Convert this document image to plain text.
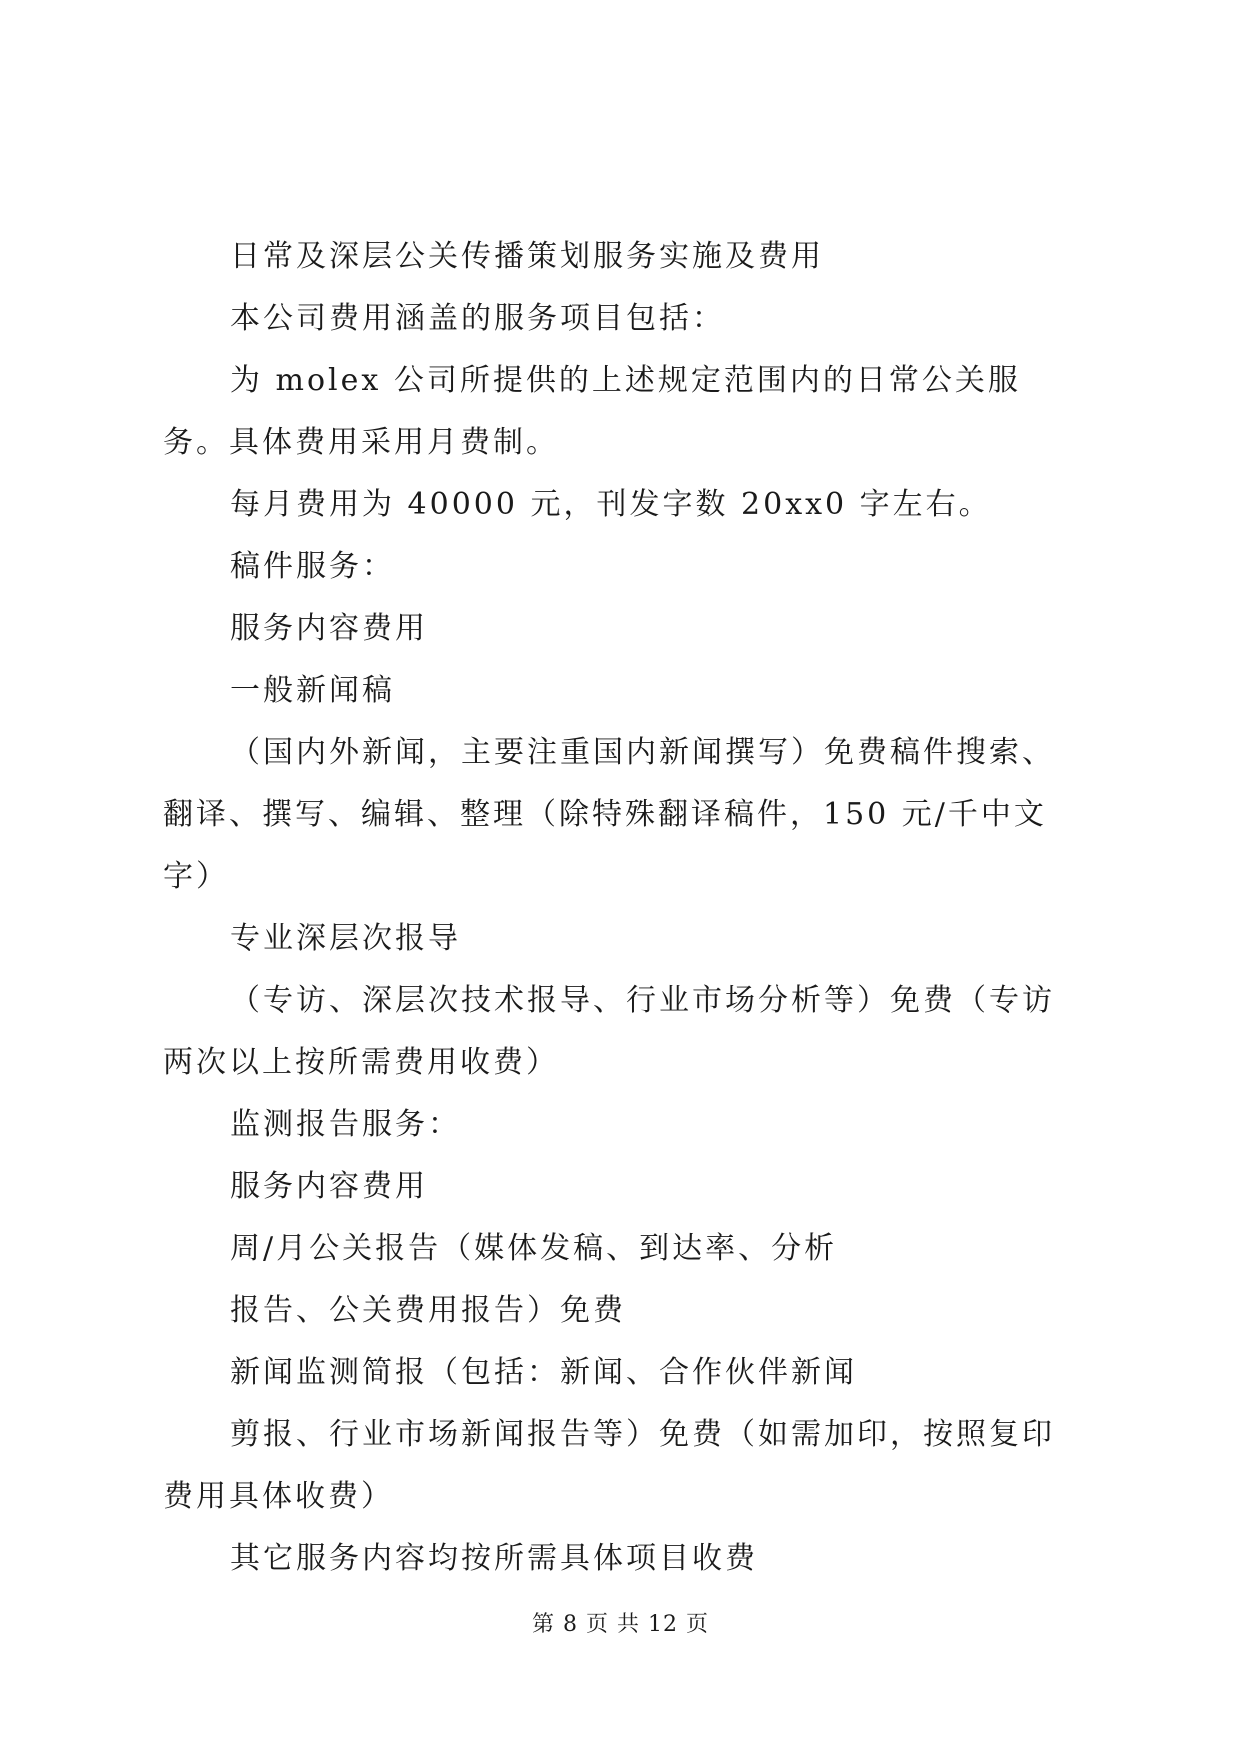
日常及深层公关传播策划服务实施及费用

本公司费用涵盖的服务项目包括：

为 molex 公司所提供的上述规定范围内的日常公关服务。具体费用采用月费制。

每月费用为 40000 元，刊发字数 20xx0 字左右。

稿件服务：

服务内容费用

一般新闻稿

（国内外新闻，主要注重国内新闻撰写）免费稿件搜索、翻译、撰写、编辑、整理（除特殊翻译稿件，150 元/千中文字）

专业深层次报导

（专访、深层次技术报导、行业市场分析等）免费（专访两次以上按所需费用收费）

监测报告服务：

服务内容费用

周/月公关报告（媒体发稿、到达率、分析

报告、公关费用报告）免费

新闻监测简报（包括：新闻、合作伙伴新闻

剪报、行业市场新闻报告等）免费（如需加印，按照复印费用具体收费）

其它服务内容均按所需具体项目收费

第 8 页 共 12 页
